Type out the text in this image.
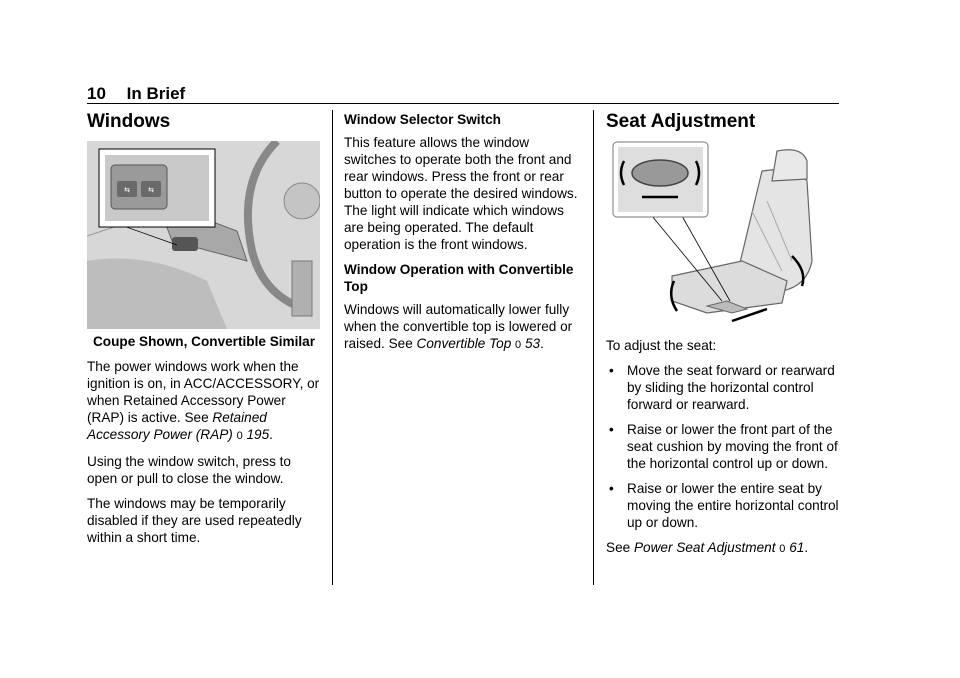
10 In Brief
Windows
⇆	⇆
Coupe Shown, Convertible Similar

The power windows work when the ignition is on, in ACC/ACCESSORY, or when Retained Accessory Power (RAP) is active. See Retained Accessory Power (RAP) 0 195.

Using the window switch, press to open or pull to close the window.

The windows may be temporarily disabled if they are used repeatedly within a short time.

Window Selector Switch

This feature allows the window switches to operate both the front and rear windows. Press the front or rear button to operate the desired windows. The light will indicate which windows are being operated. The default operation is the front windows.

Window Operation with Convertible Top

Windows will automatically lower fully when the convertible top is lowered or raised. See Convertible Top 0 53.

Seat Adjustment

To adjust the seat:

• Move the seat forward or rearward by sliding the horizontal control forward or rearward.
• Raise or lower the front part of the seat cushion by moving the front of the horizontal control up or down.
• Raise or lower the entire seat by moving the entire horizontal control up or down.

See Power Seat Adjustment 0 61.
